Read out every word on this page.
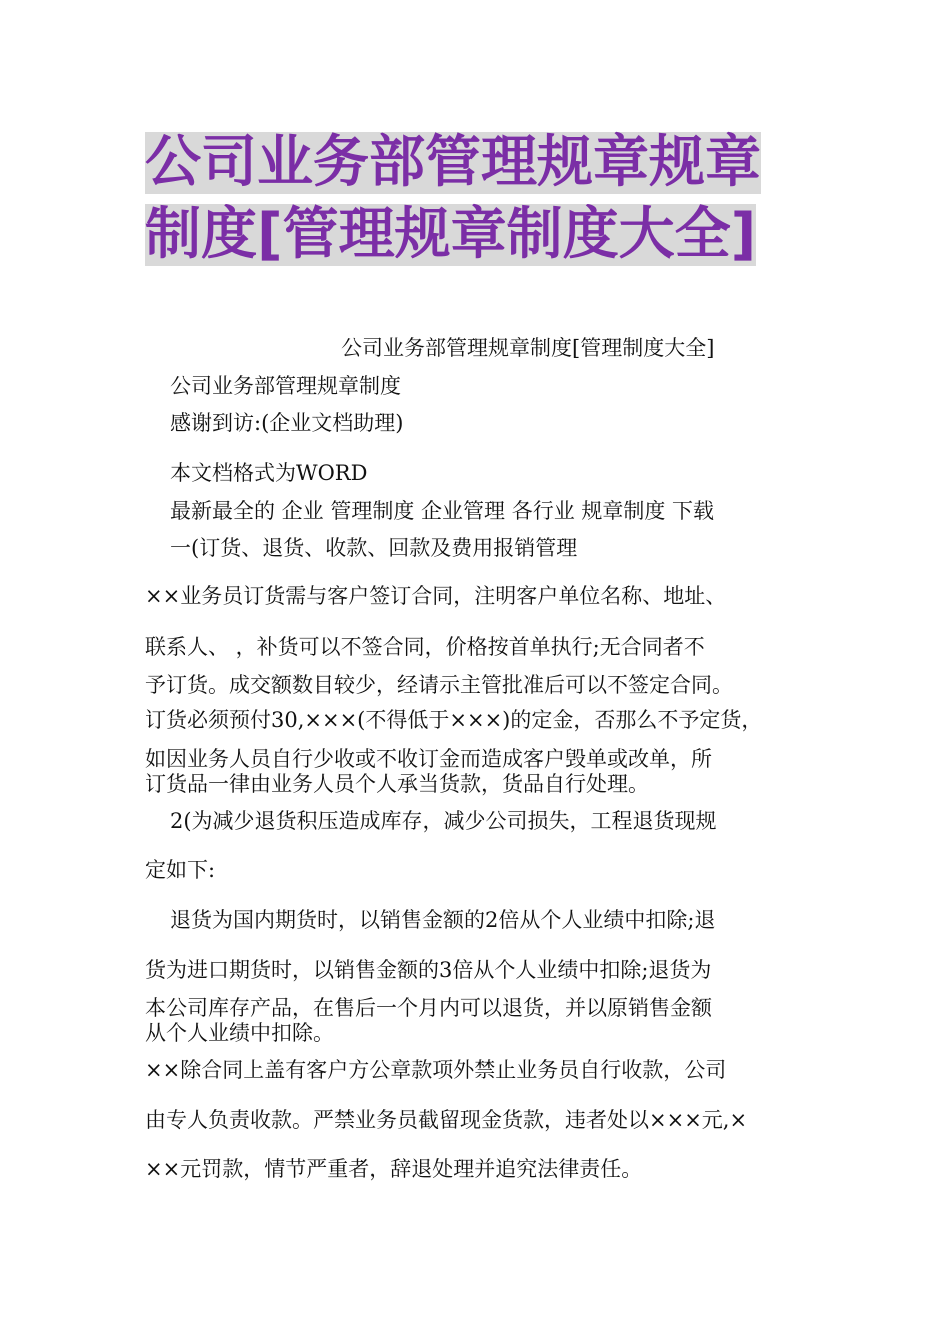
公司业务部管理规章规章
制度[管理规章制度大全]
公司业务部管理规章制度[管理制度大全]
公司业务部管理规章制度
感谢到访:(企业文档助理)
本文档格式为WORD
最新最全的 企业 管理制度 企业管理 各行业 规章制度 下载
一(订货、退货、收款、回款及费用报销管理
××业务员订货需与客户签订合同，注明客户单位名称、地址、
联系人、 ，补货可以不签合同，价格按首单执行;无合同者不
予订货。成交额数目较少，经请示主管批准后可以不签定合同。
订货必须预付30,×××(不得低于×××)的定金，否那么不予定货，
如因业务人员自行少收或不收订金而造成客户毁单或改单，所
订货品一律由业务人员个人承当货款，货品自行处理。
2(为减少退货积压造成库存，减少公司损失，工程退货现规
定如下:
退货为国内期货时，以销售金额的2倍从个人业绩中扣除;退
货为进口期货时，以销售金额的3倍从个人业绩中扣除;退货为
本公司库存产品，在售后一个月内可以退货，并以原销售金额
从个人业绩中扣除。
××除合同上盖有客户方公章款项外禁止业务员自行收款，公司
由专人负责收款。严禁业务员截留现金货款，违者处以×××元,×
××元罚款，情节严重者，辞退处理并追究法律责任。
